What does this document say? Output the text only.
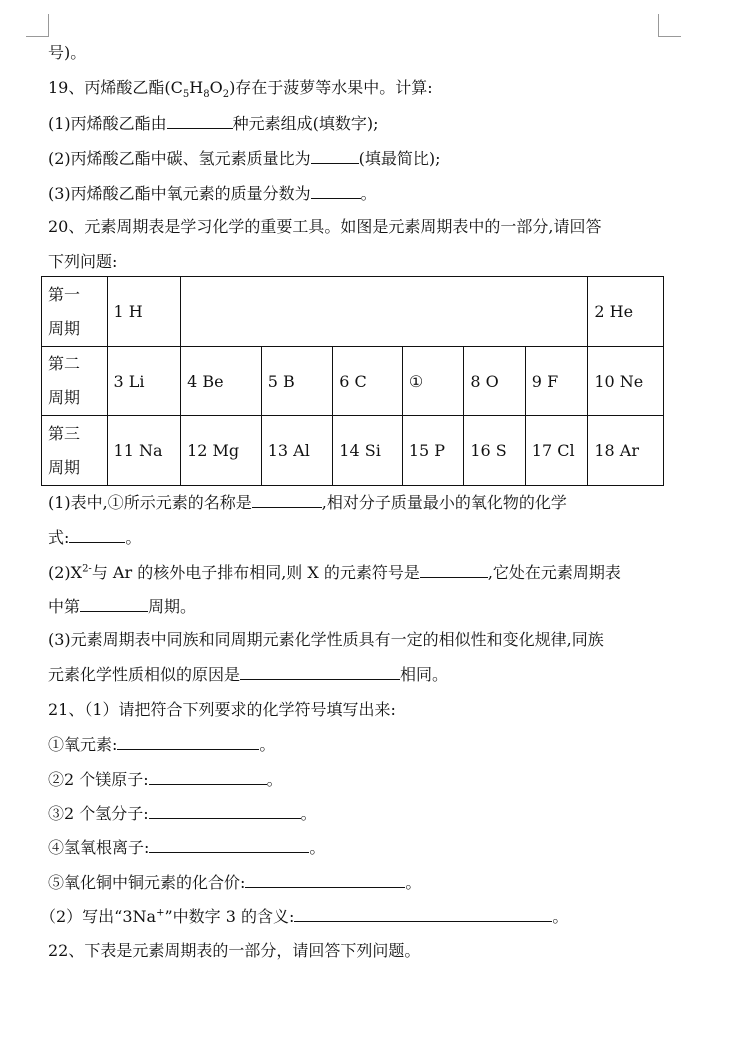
号)。
19、丙烯酸乙酯$(C_5H_8O_2)$存在于菠萝等水果中。计算:
(1)丙烯酸乙酯由	种元素组成(填数字);
(2)丙烯酸乙酯中碳、氢元素质量比为	(填最简比);
(3)丙烯酸乙酯中氧元素的质量分数为	。
20、元素周期表是学习化学的重要工具。如图是元素周期表中的一部分,请回答
下列问题:
第一
周期	1 H							2 He
第二
周期	3 Li	4 Be	5 B	6 C	①	8 O	9 F	10 Ne
第三
周期	11 Na	12 Mg	13 Al	14 Si	15 P	16 S	17 Cl	18 Ar
(1)表中,①所示元素的名称是	,相对分子质量最小的氧化物的化学
式:	。
$(2)X^{2-}$与 Ar 的核外电子排布相同,则 X 的元素符号是	,它处在元素周期表
中第	周期。
(3)元素周期表中同族和同周期元素化学性质具有一定的相似性和变化规律,同族
元素化学性质相似的原因是	相同。
21、（1）请把符合下列要求的化学符号填写出来:
①氧元素:	。
②2 个镁原子:	。
③2 个氢分子:	。
④氢氧根离子:	。
⑤氧化铜中铜元素的化合价:	。
（2）写出“3Na+”中数字 3 的含义:	。
22、下表是元素周期表的一部分，请回答下列问题。
